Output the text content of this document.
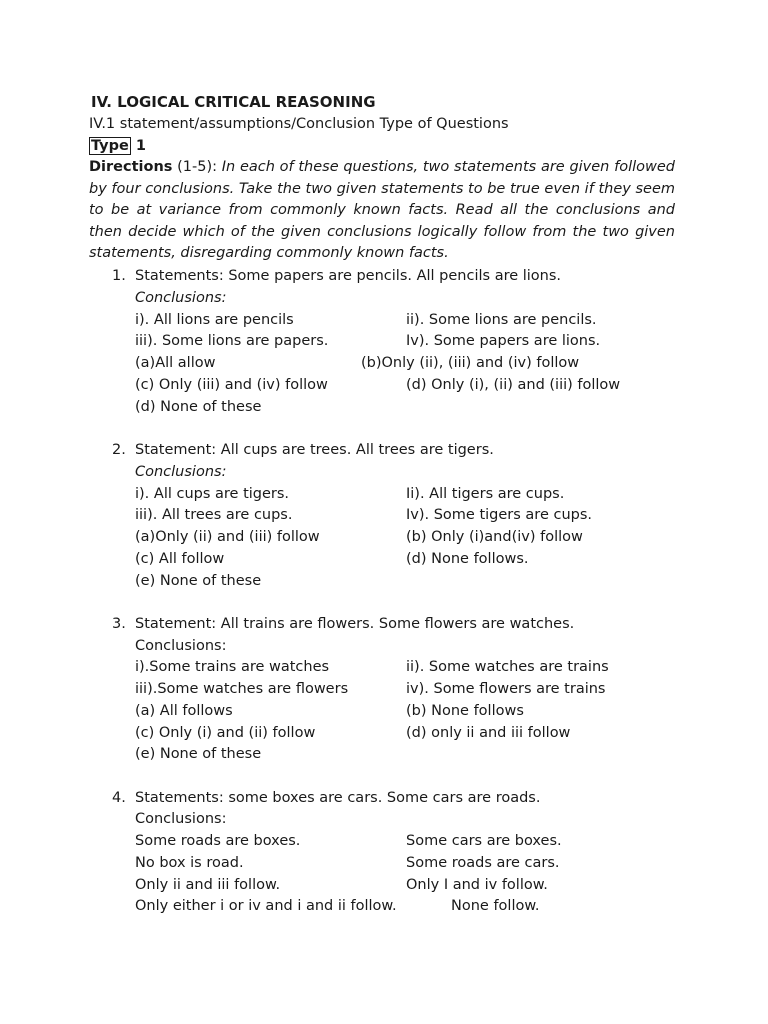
IV. LOGICAL CRITICAL REASONING
IV.1 statement/assumptions/Conclusion Type of Questions
Type 1
Directions (1-5): In each of these questions, two statements are given followed by four conclusions. Take the two given statements to be true even if they seem to be at variance from commonly known facts. Read all the conclusions and then decide which of the given conclusions logically follow from the two given statements, disregarding commonly known facts.
1. Statements: Some papers are pencils. All pencils are lions.
Conclusions:
i). All lions are pencils	ii). Some lions are pencils.
iii). Some lions are papers.	Iv). Some papers are lions.
(a)All allow	(b)Only (ii), (iii) and (iv) follow
(c) Only (iii) and (iv) follow	(d) Only (i), (ii) and (iii) follow
(d) None of these
2. Statement: All cups are trees. All trees are tigers.
Conclusions:
i). All cups are tigers.	Ii). All tigers are cups.
iii). All trees are cups.	Iv). Some tigers are cups.
(a)Only (ii) and (iii) follow	(b) Only (i)and(iv) follow
(c) All follow	(d) None follows.
(e) None of these
3. Statement: All trains are flowers. Some flowers are watches.
Conclusions:
i).Some trains are watches	ii). Some watches are trains
iii).Some watches are flowers	iv). Some flowers are trains
(a) All follows	(b) None follows
(c) Only (i) and (ii) follow	(d) only ii and iii follow
(e) None of these
4. Statements: some boxes are cars. Some cars are roads.
Conclusions:
Some roads are boxes.	Some cars are boxes.
No box is road.	Some roads are cars.
Only ii and iii follow.	Only I and iv follow.
Only either i or iv and i and ii follow.	None follow.
